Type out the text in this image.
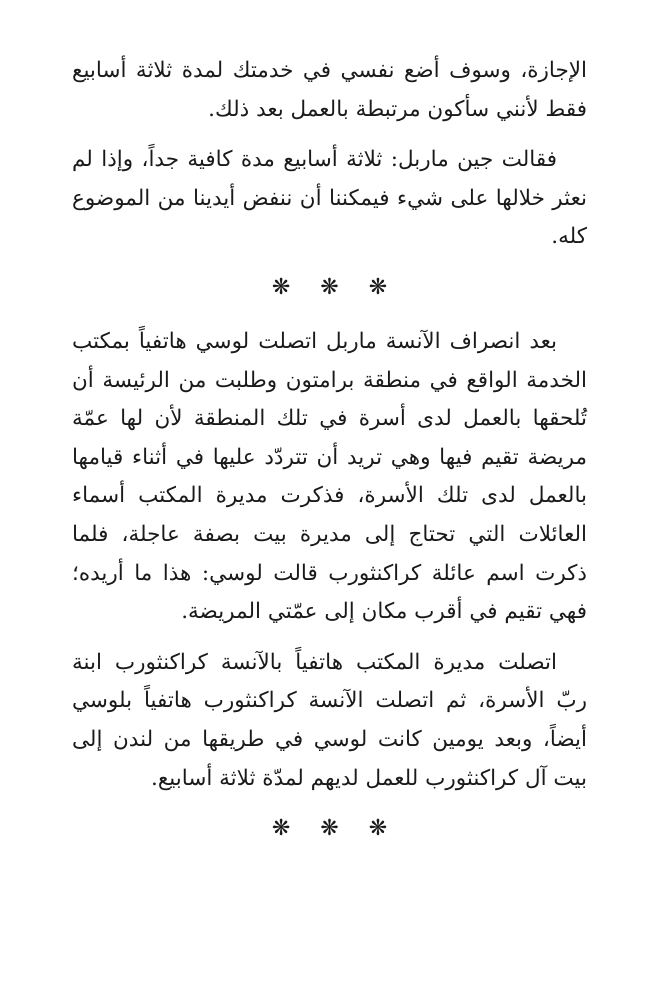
الإجازة، وسوف أضع نفسي في خدمتك لمدة ثلاثة أسابيع فقط لأنني سأكون مرتبطة بالعمل بعد ذلك.

فقالت جين ماربل: ثلاثة أسابيع مدة كافية جداً، وإذا لم نعثر خلالها على شيء فيمكننا أن ننفض أيدينا من الموضوع كله.

❋ ❋ ❋

بعد انصراف الآنسة ماربل اتصلت لوسي هاتفياً بمكتب الخدمة الواقع في منطقة برامتون وطلبت من الرئيسة أن تُلحقها بالعمل لدى أسرة في تلك المنطقة لأن لها عمّة مريضة تقيم فيها وهي تريد أن تتردّد عليها في أثناء قيامها بالعمل لدى تلك الأسرة، فذكرت مديرة المكتب أسماء العائلات التي تحتاج إلى مديرة بيت بصفة عاجلة، فلما ذكرت اسم عائلة كراكنثورب قالت لوسي: هذا ما أريده؛ فهي تقيم في أقرب مكان إلى عمّتي المريضة.

اتصلت مديرة المكتب هاتفياً بالآنسة كراكنثورب ابنة ربّ الأسرة، ثم اتصلت الآنسة كراكنثورب هاتفياً بلوسي أيضاً، وبعد يومين كانت لوسي في طريقها من لندن إلى بيت آل كراكنثورب للعمل لديهم لمدّة ثلاثة أسابيع.

❋ ❋ ❋
